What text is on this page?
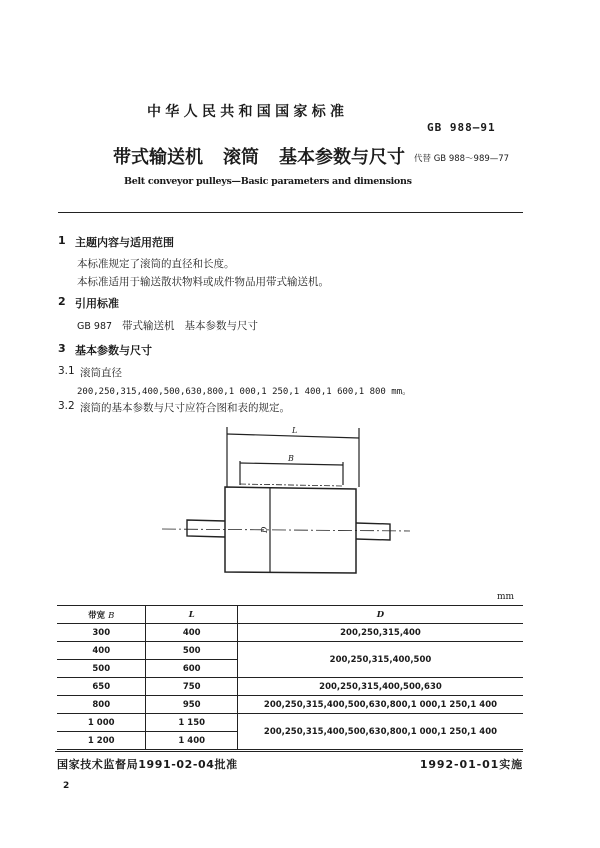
中华人民共和国国家标准
GB 988—91
带式输送机 滚筒 基本参数与尺寸 代替 GB 988～989—77
Belt conveyor pulleys—Basic parameters and dimensions
1 主题内容与适用范围
本标准规定了滚筒的直径和长度。
本标准适用于输送散状物料或成件物品用带式输送机。
2 引用标准
GB 987 带式输送机 基本参数与尺寸
3 基本参数与尺寸
3.1 滚筒直径
200,250,315,400,500,630,800,1 000,1 250,1 400,1 600,1 800 mm。
3.2 滚筒的基本参数与尺寸应符合图和表的规定。
L
B
D
mm
带宽 B	L	D
300	400	200,250,315,400
400	500	200,250,315,400,500
500	600	
650	750	200,250,315,400,500,630
800	950	200,250,315,400,500,630,800,1 000,1 250,1 400
1 000	1 150	200,250,315,400,500,630,800,1 000,1 250,1 400
1 200	1 400	
国家技术监督局1991-02-04批准	1992-01-01实施
2
